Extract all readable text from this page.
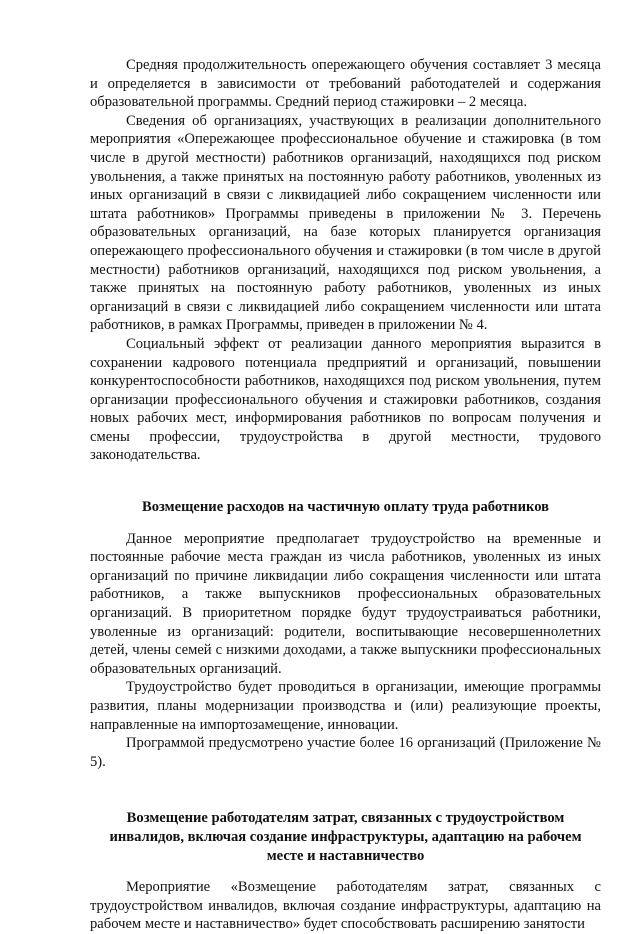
Средняя продолжительность опережающего обучения составляет 3 месяца и определяется в зависимости от требований работодателей и содержания образовательной программы. Средний период стажировки – 2 месяца.

Сведения об организациях, участвующих в реализации дополнительного мероприятия «Опережающее профессиональное обучение и стажировка (в том числе в другой местности) работников организаций, находящихся под риском увольнения, а также принятых на постоянную работу работников, уволенных из иных организаций в связи с ликвидацией либо сокращением численности или штата работников» Программы приведены в приложении № 3. Перечень образовательных организаций, на базе которых планируется организация опережающего профессионального обучения и стажировки (в том числе в другой местности) работников организаций, находящихся под риском увольнения, а также принятых на постоянную работу работников, уволенных из иных организаций в связи с ликвидацией либо сокращением численности или штата работников, в рамках Программы, приведен в приложении № 4.

Социальный эффект от реализации данного мероприятия выразится в сохранении кадрового потенциала предприятий и организаций, повышении конкурентоспособности работников, находящихся под риском увольнения, путем организации профессионального обучения и стажировки работников, создания новых рабочих мест, информирования работников по вопросам получения и смены профессии, трудоустройства в другой местности, трудового законодательства.

Возмещение расходов на частичную оплату труда работников

Данное мероприятие предполагает трудоустройство на временные и постоянные рабочие места граждан из числа работников, уволенных из иных организаций по причине ликвидации либо сокращения численности или штата работников, а также выпускников профессиональных образовательных организаций. В приоритетном порядке будут трудоустраиваться работники, уволенные из организаций: родители, воспитывающие несовершеннолетних детей, члены семей с низкими доходами, а также выпускники профессиональных образовательных организаций.

Трудоустройство будет проводиться в организации, имеющие программы развития, планы модернизации производства и (или) реализующие проекты, направленные на импортозамещение, инновации.

Программой предусмотрено участие более 16 организаций (Приложение № 5).

Возмещение работодателям затрат, связанных с трудоустройством инвалидов, включая создание инфраструктуры, адаптацию на рабочем месте и наставничество

Мероприятие «Возмещение работодателям затрат, связанных с трудоустройством инвалидов, включая создание инфраструктуры, адаптацию на рабочем месте и наставничество» будет способствовать расширению занятости
